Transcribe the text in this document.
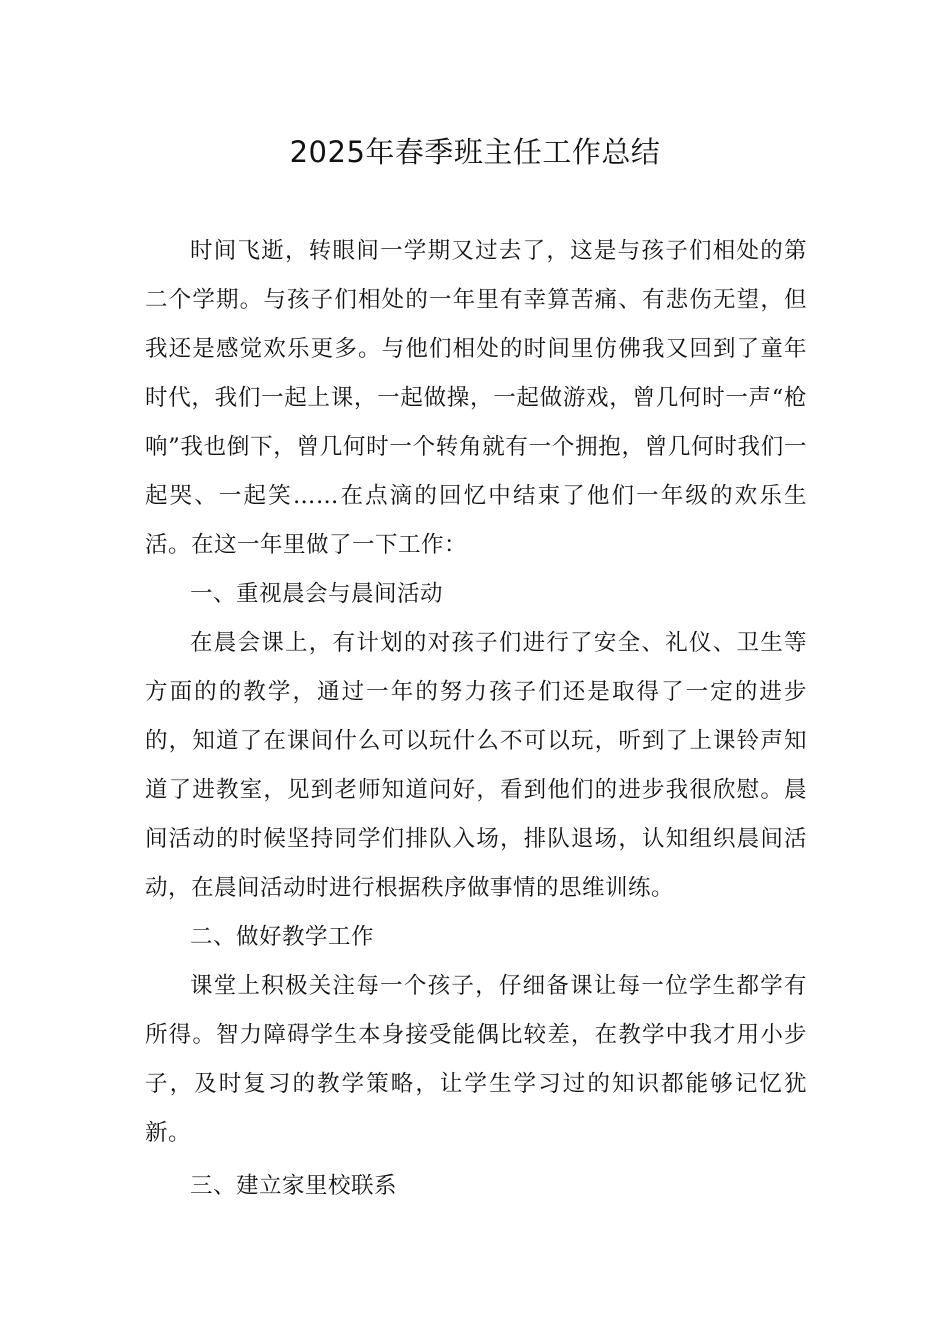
2025年春季班主任工作总结

时间飞逝，转眼间一学期又过去了，这是与孩子们相处的第二个学期。与孩子们相处的一年里有幸算苦痛、有悲伤无望，但我还是感觉欢乐更多。与他们相处的时间里仿佛我又回到了童年时代，我们一起上课，一起做操，一起做游戏，曾几何时一声“枪响”我也倒下，曾几何时一个转角就有一个拥抱，曾几何时我们一起哭、一起笑……在点滴的回忆中结束了他们一年级的欢乐生活。在这一年里做了一下工作：

一、重视晨会与晨间活动

在晨会课上，有计划的对孩子们进行了安全、礼仪、卫生等方面的的教学，通过一年的努力孩子们还是取得了一定的进步的，知道了在课间什么可以玩什么不可以玩，听到了上课铃声知道了进教室，见到老师知道问好，看到他们的进步我很欣慰。晨间活动的时候坚持同学们排队入场，排队退场，认知组织晨间活动，在晨间活动时进行根据秩序做事情的思维训练。

二、做好教学工作

课堂上积极关注每一个孩子，仔细备课让每一位学生都学有所得。智力障碍学生本身接受能偶比较差，在教学中我才用小步子，及时复习的教学策略，让学生学习过的知识都能够记忆犹新。

三、建立家里校联系
